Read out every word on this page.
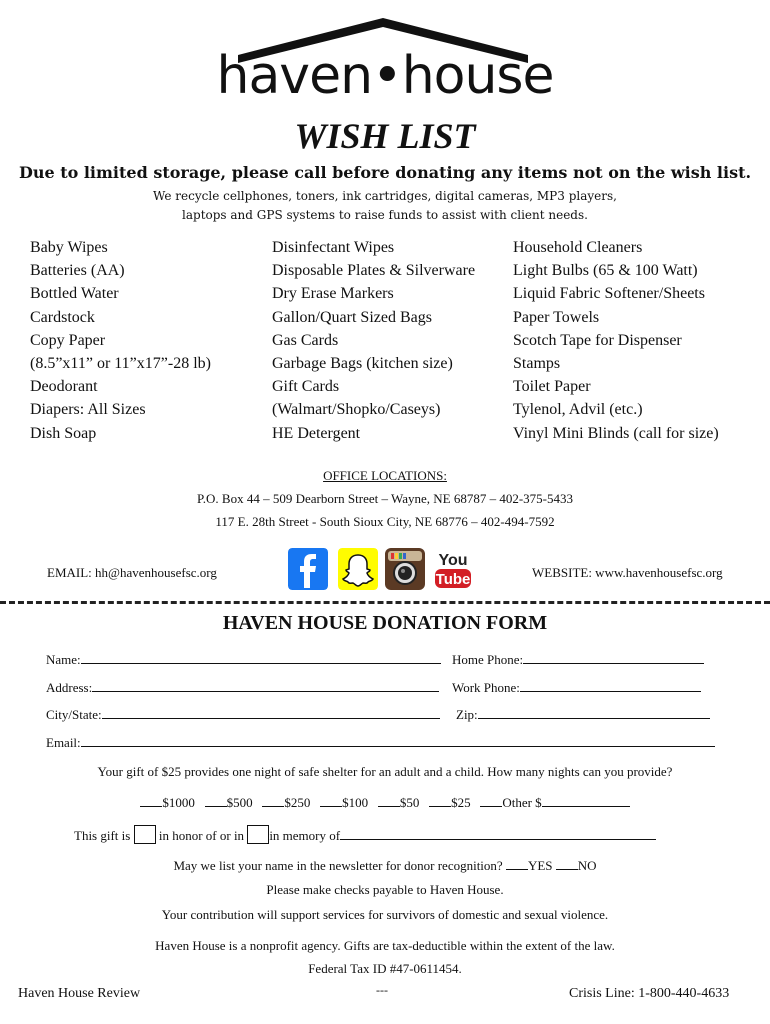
haven•house
WISH LIST
Due to limited storage, please call before donating any items not on the wish list.
We recycle cellphones, toners, ink cartridges, digital cameras, MP3 players,
laptops and GPS systems to raise funds to assist with client needs.
Baby Wipes
Batteries (AA)
Bottled Water
Cardstock
Copy Paper
(8.5”x11” or 11”x17”-28 lb)
Deodorant
Diapers: All Sizes
Dish Soap
Disinfectant Wipes
Disposable Plates & Silverware
Dry Erase Markers
Gallon/Quart Sized Bags
Gas Cards
Garbage Bags (kitchen size)
Gift Cards
(Walmart/Shopko/Caseys)
HE Detergent
Household Cleaners
Light Bulbs (65 & 100 Watt)
Liquid Fabric Softener/Sheets
Paper Towels
Scotch Tape for Dispenser
Stamps
Toilet Paper
Tylenol, Advil (etc.)
Vinyl Mini Blinds (call for size)
OFFICE LOCATIONS:
P.O. Box 44 – 509 Dearborn Street – Wayne, NE 68787 – 402-375-5433
117 E. 28th Street - South Sioux City, NE 68776 – 402-494-7592
EMAIL: hh@havenhousefsc.org
You
Tube	WEBSITE: www.havenhousefsc.org
HAVEN HOUSE DONATION FORM
Name:	Home Phone:
Address:	Work Phone:
City/State:	Zip:
Email:
Your gift of $25 provides one night of safe shelter for an adult and a child. How many nights can you provide?
$1000 $500 $250 $100 $50 $25 Other $
This gift is in honor of or in in memory of
May we list your name in the newsletter for donor recognition? YES NO
Please make checks payable to Haven House.
Your contribution will support services for survivors of domestic and sexual violence.
Haven House is a nonprofit agency. Gifts are tax-deductible within the extent of the law.
Federal Tax ID #47-0611454.
Haven House Review	---	Crisis Line: 1-800-440-4633
